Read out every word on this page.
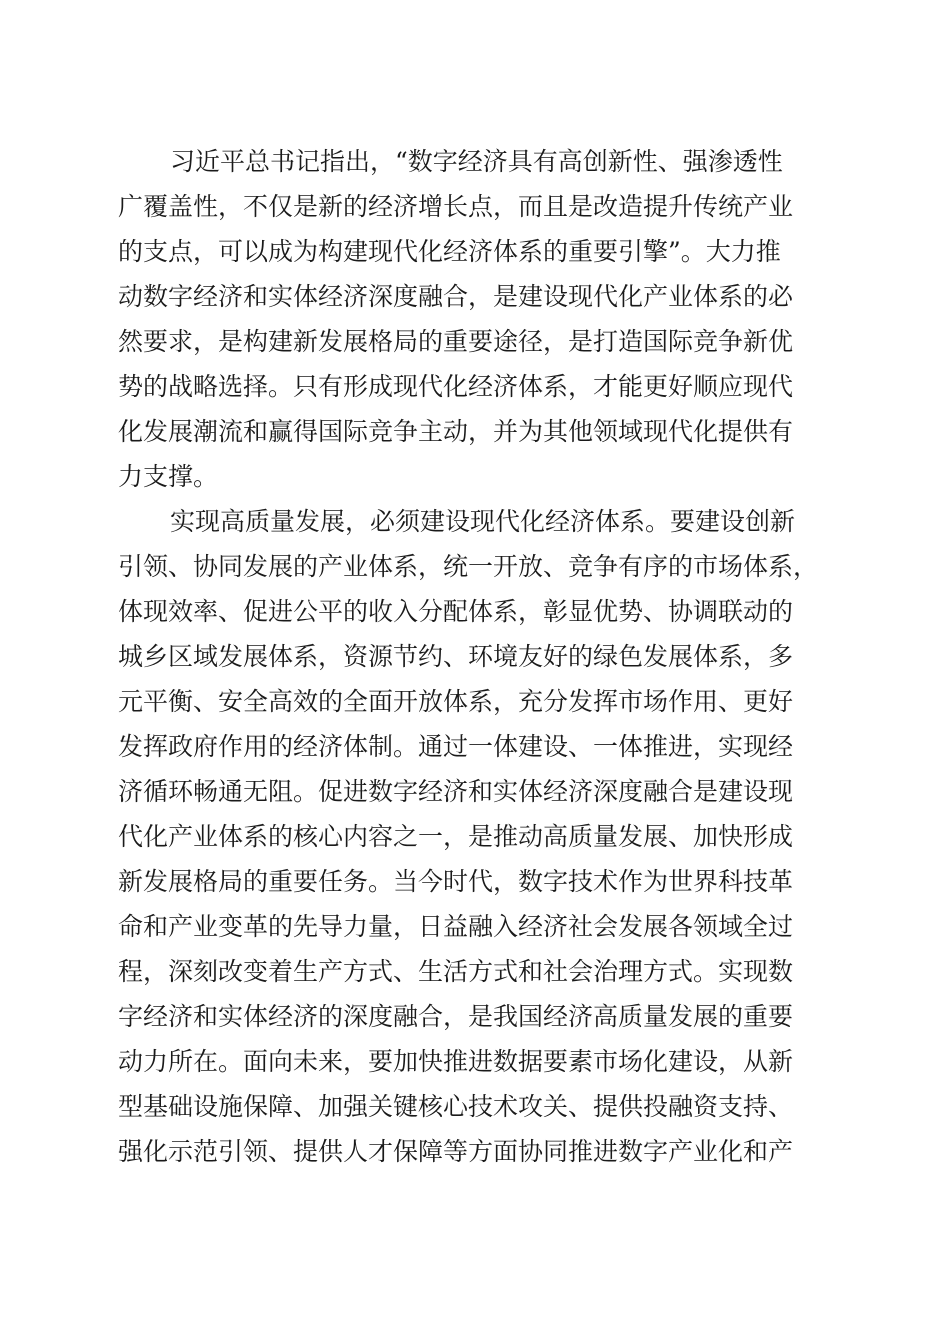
习近平总书记指出，“数字经济具有高创新性、强渗透性
广覆盖性，不仅是新的经济增长点，而且是改造提升传统产业
的支点，可以成为构建现代化经济体系的重要引擎”。大力推
动数字经济和实体经济深度融合，是建设现代化产业体系的必
然要求，是构建新发展格局的重要途径，是打造国际竞争新优
势的战略选择。只有形成现代化经济体系，才能更好顺应现代
化发展潮流和赢得国际竞争主动，并为其他领域现代化提供有
力支撑。
实现高质量发展，必须建设现代化经济体系。要建设创新
引领、协同发展的产业体系，统一开放、竞争有序的市场体系，
体现效率、促进公平的收入分配体系，彰显优势、协调联动的
城乡区域发展体系，资源节约、环境友好的绿色发展体系，多
元平衡、安全高效的全面开放体系，充分发挥市场作用、更好
发挥政府作用的经济体制。通过一体建设、一体推进，实现经
济循环畅通无阻。促进数字经济和实体经济深度融合是建设现
代化产业体系的核心内容之一，是推动高质量发展、加快形成
新发展格局的重要任务。当今时代，数字技术作为世界科技革
命和产业变革的先导力量，日益融入经济社会发展各领域全过
程，深刻改变着生产方式、生活方式和社会治理方式。实现数
字经济和实体经济的深度融合，是我国经济高质量发展的重要
动力所在。面向未来，要加快推进数据要素市场化建设，从新
型基础设施保障、加强关键核心技术攻关、提供投融资支持、
强化示范引领、提供人才保障等方面协同推进数字产业化和产
